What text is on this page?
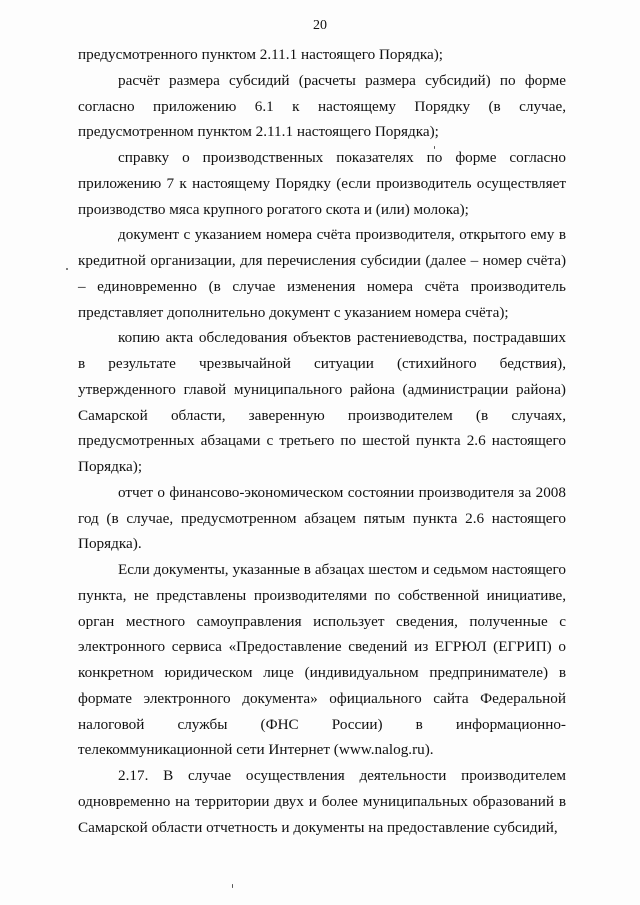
20

предусмотренного пунктом 2.11.1 настоящего Порядка);

расчёт размера субсидий (расчеты размера субсидий) по форме согласно приложению 6.1 к настоящему Порядку (в случае, предусмотренном пунктом 2.11.1 настоящего Порядка);

справку о производственных показателях по форме согласно приложению 7 к настоящему Порядку (если производитель осуществляет производство мяса крупного рогатого скота и (или) молока);

документ с указанием номера счёта производителя, открытого ему в кредитной организации, для перечисления субсидии (далее – номер счёта) – единовременно (в случае изменения номера счёта производитель представляет дополнительно документ с указанием номера счёта);

копию акта обследования объектов растениеводства, пострадавших в результате чрезвычайной ситуации (стихийного бедствия), утвержденного главой муниципального района (администрации района) Самарской области, заверенную производителем (в случаях, предусмотренных абзацами с третьего по шестой пункта 2.6 настоящего Порядка);

отчет о финансово-экономическом состоянии производителя за 2008 год (в случае, предусмотренном абзацем пятым пункта 2.6 настоящего Порядка).

Если документы, указанные в абзацах шестом и седьмом настоящего пункта, не представлены производителями по собственной инициативе, орган местного самоуправления использует сведения, полученные с электронного сервиса «Предоставление сведений из ЕГРЮЛ (ЕГРИП) о конкретном юридическом лице (индивидуальном предпринимателе) в формате электронного документа» официального сайта Федеральной налоговой службы (ФНС России) в информационно-телекоммуникационной сети Интернет (www.nalog.ru).

2.17. В случае осуществления деятельности производителем одновременно на территории двух и более муниципальных образований в Самарской области отчетность и документы на предоставление субсидий,
